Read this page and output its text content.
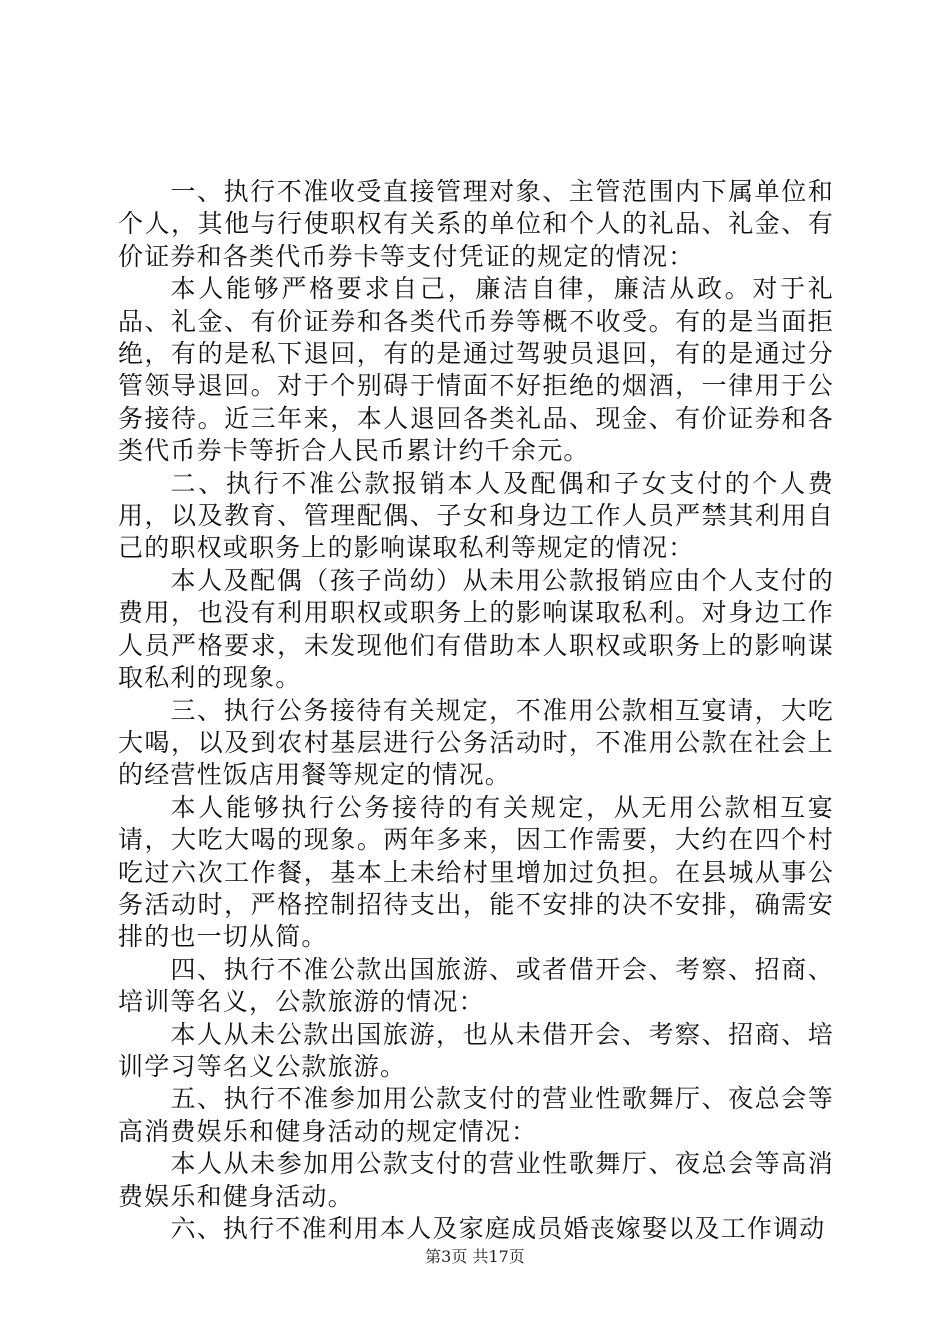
一、执行不准收受直接管理对象、主管范围内下属单位和个人，其他与行使职权有关系的单位和个人的礼品、礼金、有价证券和各类代币券卡等支付凭证的规定的情况：

本人能够严格要求自己，廉洁自律，廉洁从政。对于礼品、礼金、有价证券和各类代币券等概不收受。有的是当面拒绝，有的是私下退回，有的是通过驾驶员退回，有的是通过分管领导退回。对于个别碍于情面不好拒绝的烟酒，一律用于公务接待。近三年来，本人退回各类礼品、现金、有价证券和各类代币券卡等折合人民币累计约千余元。

二、执行不准公款报销本人及配偶和子女支付的个人费用，以及教育、管理配偶、子女和身边工作人员严禁其利用自己的职权或职务上的影响谋取私利等规定的情况：

本人及配偶（孩子尚幼）从未用公款报销应由个人支付的费用，也没有利用职权或职务上的影响谋取私利。对身边工作人员严格要求，未发现他们有借助本人职权或职务上的影响谋取私利的现象。

三、执行公务接待有关规定，不准用公款相互宴请，大吃大喝，以及到农村基层进行公务活动时，不准用公款在社会上的经营性饭店用餐等规定的情况。

本人能够执行公务接待的有关规定，从无用公款相互宴请，大吃大喝的现象。两年多来，因工作需要，大约在四个村吃过六次工作餐，基本上未给村里增加过负担。在县城从事公务活动时，严格控制招待支出，能不安排的决不安排，确需安排的也一切从简。

四、执行不准公款出国旅游、或者借开会、考察、招商、培训等名义，公款旅游的情况：

本人从未公款出国旅游，也从未借开会、考察、招商、培训学习等名义公款旅游。

五、执行不准参加用公款支付的营业性歌舞厅、夜总会等高消费娱乐和健身活动的规定情况：

本人从未参加用公款支付的营业性歌舞厅、夜总会等高消费娱乐和健身活动。

六、执行不准利用本人及家庭成员婚丧嫁娶以及工作调动

第3页 共17页
